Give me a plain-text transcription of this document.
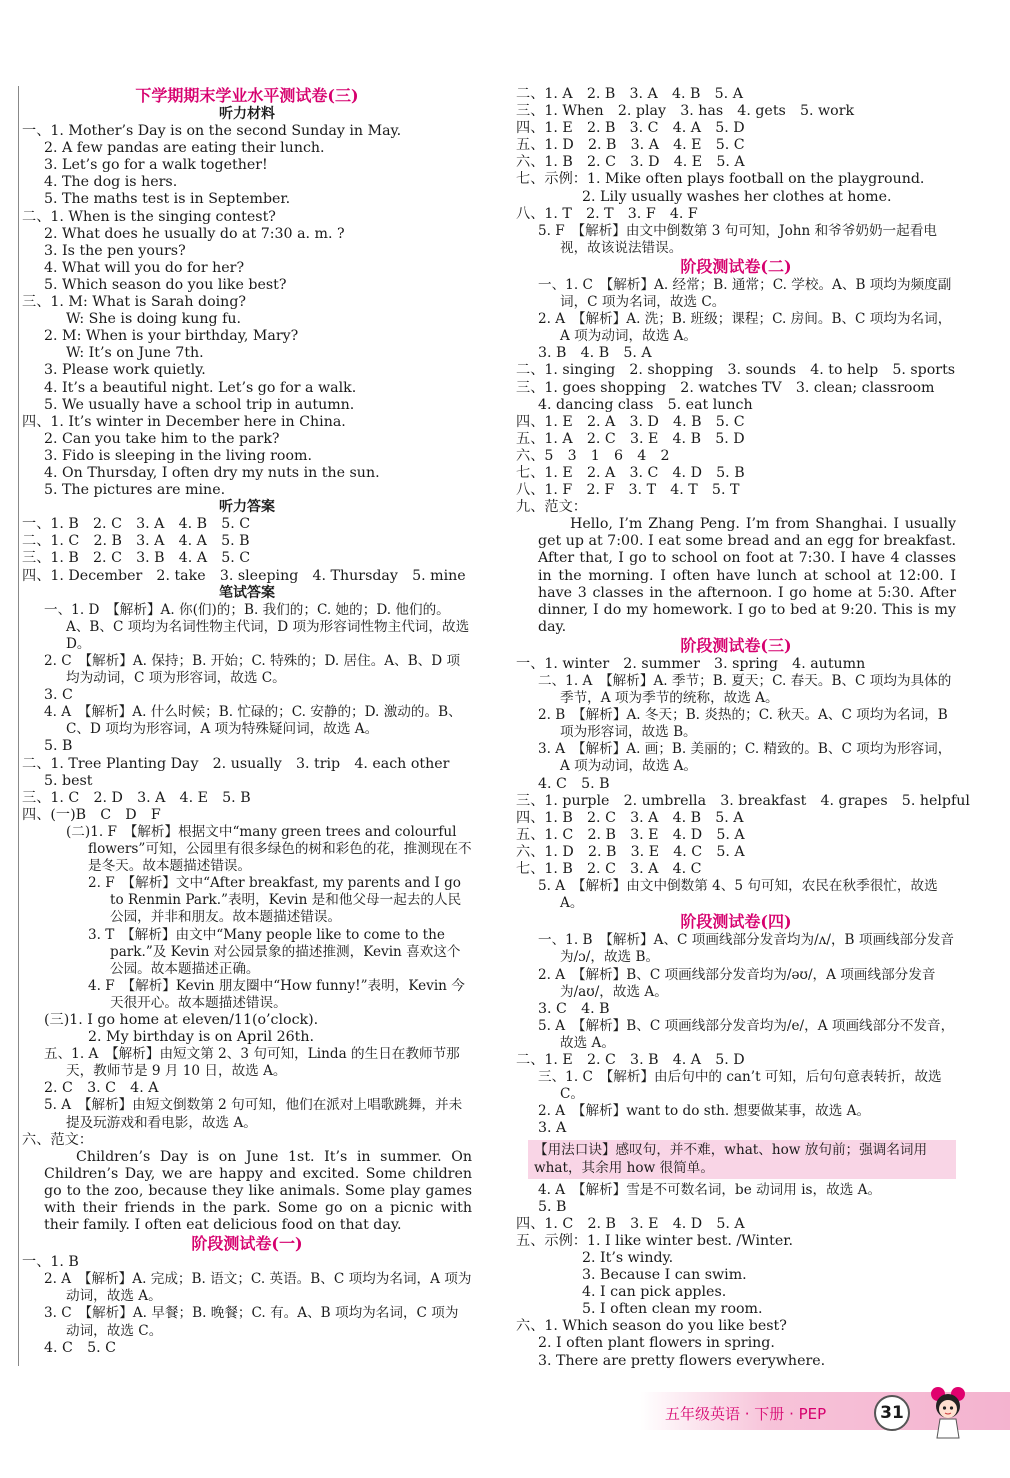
下学期期末学业水平测试卷(三)
听力材料
一、1. Mother’s Day is on the second Sunday in May.
2. A few pandas are eating their lunch.
3. Let’s go for a walk together!
4. The dog is hers.
5. The maths test is in September.
二、1. When is the singing contest?
2. What does he usually do at 7:30 a. m. ?
3. Is the pen yours?
4. What will you do for her?
5. Which season do you like best?
三、1. M: What is Sarah doing?
W: She is doing kung fu.
2. M: When is your birthday, Mary?
W: It’s on June 7th.
3. Please work quietly.
4. It’s a beautiful night. Let’s go for a walk.
5. We usually have a school trip in autumn.
四、1. It’s winter in December here in China.
2. Can you take him to the park?
3. Fido is sleeping in the living room.
4. On Thursday, I often dry my nuts in the sun.
5. The pictures are mine.
听力答案
一、1. B　2. C　3. A　4. B　5. C
二、1. C　2. B　3. A　4. A　5. B
三、1. B　2. C　3. B　4. A　5. C
四、1. December　2. take　3. sleeping　4. Thursday　5. mine
笔试答案
一、1. D　【解析】A. 你(们)的；B. 我们的；C. 她的；D. 他们的。A、B、C 项均为名词性物主代词，D 项为形容词性物主代词，故选 D。
2. C　【解析】A. 保持；B. 开始；C. 特殊的；D. 居住。A、B、D 项均为动词，C 项为形容词，故选 C。
3. C
4. A　【解析】A. 什么时候；B. 忙碌的；C. 安静的；D. 激动的。B、C、D 项均为形容词，A 项为特殊疑问词，故选 A。
5. B
二、1. Tree Planting Day　2. usually　3. trip　4. each other
5. best
三、1. C　2. D　3. A　4. E　5. B
四、(一)B　C　D　F
(二)1. F　【解析】根据文中“many green trees and colourful flowers”可知，公园里有很多绿色的树和彩色的花，推测现在不是冬天。故本题描述错误。
2. F　【解析】文中“After breakfast, my parents and I go to Renmin Park.”表明，Kevin 是和他父母一起去的人民公园，并非和朋友。故本题描述错误。
3. T　【解析】由文中“Many people like to come to the park.”及 Kevin 对公园景象的描述推测，Kevin 喜欢这个公园。故本题描述正确。
4. F　【解析】Kevin 朋友圈中“How funny!”表明，Kevin 今天很开心。故本题描述错误。
(三)1. I go home at eleven/11(o’clock).
2. My birthday is on April 26th.
五、1. A　【解析】由短文第 2、3 句可知，Linda 的生日在教师节那天，教师节是 9 月 10 日，故选 A。
2. C　3. C　4. A
5. A　【解析】由短文倒数第 2 句可知，他们在派对上唱歌跳舞，并未提及玩游戏和看电影，故选 A。
六、范文：
Children’s Day is on June 1st. It’s in summer. On Children’s Day, we are happy and excited. Some children go to the zoo, because they like animals. Some play games with their friends in the park. Some go on a picnic with their family. I often eat delicious food on that day.
阶段测试卷(一)
一、1. B
2. A　【解析】A. 完成；B. 语文；C. 英语。B、C 项均为名词，A 项为动词，故选 A。
3. C　【解析】A. 早餐；B. 晚餐；C. 有。A、B 项均为名词，C 项为动词，故选 C。
4. C　5. C
二、1. A　2. B　3. A　4. B　5. A
三、1. When　2. play　3. has　4. gets　5. work
四、1. E　2. B　3. C　4. A　5. D
五、1. D　2. B　3. A　4. E　5. C
六、1. B　2. C　3. D　4. E　5. A
七、示例：1. Mike often plays football on the playground.
2. Lily usually washes her clothes at home.
八、1. T　2. T　3. F　4. F
5. F　【解析】由文中倒数第 3 句可知，John 和爷爷奶奶一起看电视，故该说法错误。
阶段测试卷(二)
一、1. C　【解析】A. 经常；B. 通常；C. 学校。A、B 项均为频度副词，C 项为名词，故选 C。
2. A　【解析】A. 洗；B. 班级；课程；C. 房间。B、C 项均为名词，A 项为动词，故选 A。
3. B　4. B　5. A
二、1. singing　2. shopping　3. sounds　4. to help　5. sports
三、1. goes shopping　2. watches TV　3. clean; classroom
4. dancing class　5. eat lunch
四、1. E　2. A　3. D　4. B　5. C
五、1. A　2. C　3. E　4. B　5. D
六、5　3　1　6　4　2
七、1. E　2. A　3. C　4. D　5. B
八、1. F　2. F　3. T　4. T　5. T
九、范文：
Hello, I’m Zhang Peng. I’m from Shanghai. I usually get up at 7:00. I eat some bread and an egg for breakfast. After that, I go to school on foot at 7:30. I have 4 classes in the morning. I often have lunch at school at 12:00. I have 3 classes in the afternoon. I go home at 5:30. After dinner, I do my homework. I go to bed at 9:20. This is my day.
阶段测试卷(三)
一、1. winter　2. summer　3. spring　4. autumn
二、1. A　【解析】A. 季节；B. 夏天；C. 春天。B、C 项均为具体的季节，A 项为季节的统称，故选 A。
2. B　【解析】A. 冬天；B. 炎热的；C. 秋天。A、C 项均为名词，B 项为形容词，故选 B。
3. A　【解析】A. 画；B. 美丽的；C. 精致的。B、C 项均为形容词，A 项为动词，故选 A。
4. C　5. B
三、1. purple　2. umbrella　3. breakfast　4. grapes　5. helpful
四、1. B　2. C　3. A　4. B　5. A
五、1. C　2. B　3. E　4. D　5. A
六、1. D　2. B　3. E　4. C　5. A
七、1. B　2. C　3. A　4. C
5. A　【解析】由文中倒数第 4、5 句可知，农民在秋季很忙，故选 A。
阶段测试卷(四)
一、1. B　【解析】A、C 项画线部分发音均为/ʌ/，B 项画线部分发音为/ɔ/，故选 B。
2. A　【解析】B、C 项画线部分发音均为/əʊ/，A 项画线部分发音为/aʊ/，故选 A。
3. C　4. B
5. A　【解析】B、C 项画线部分发音均为/e/，A 项画线部分不发音，故选 A。
二、1. E　2. C　3. B　4. A　5. D
三、1. C　【解析】由后句中的 can’t 可知，后句句意表转折，故选 C。
2. A　【解析】want to do sth. 想要做某事，故选 A。
3. A
【用法口诀】感叹句，并不难，what、how 放句前；强调名词用 what，其余用 how 很简单。
4. A　【解析】雪是不可数名词，be 动词用 is，故选 A。
5. B
四、1. C　2. B　3. E　4. D　5. A
五、示例：1. I like winter best. /Winter.
2. It’s windy.
3. Because I can swim.
4. I can pick apples.
5. I often clean my room.
六、1. Which season do you like best?
2. I often plant flowers in spring.
3. There are pretty flowers everywhere.
五年级英语 · 下册 · PEP	31
